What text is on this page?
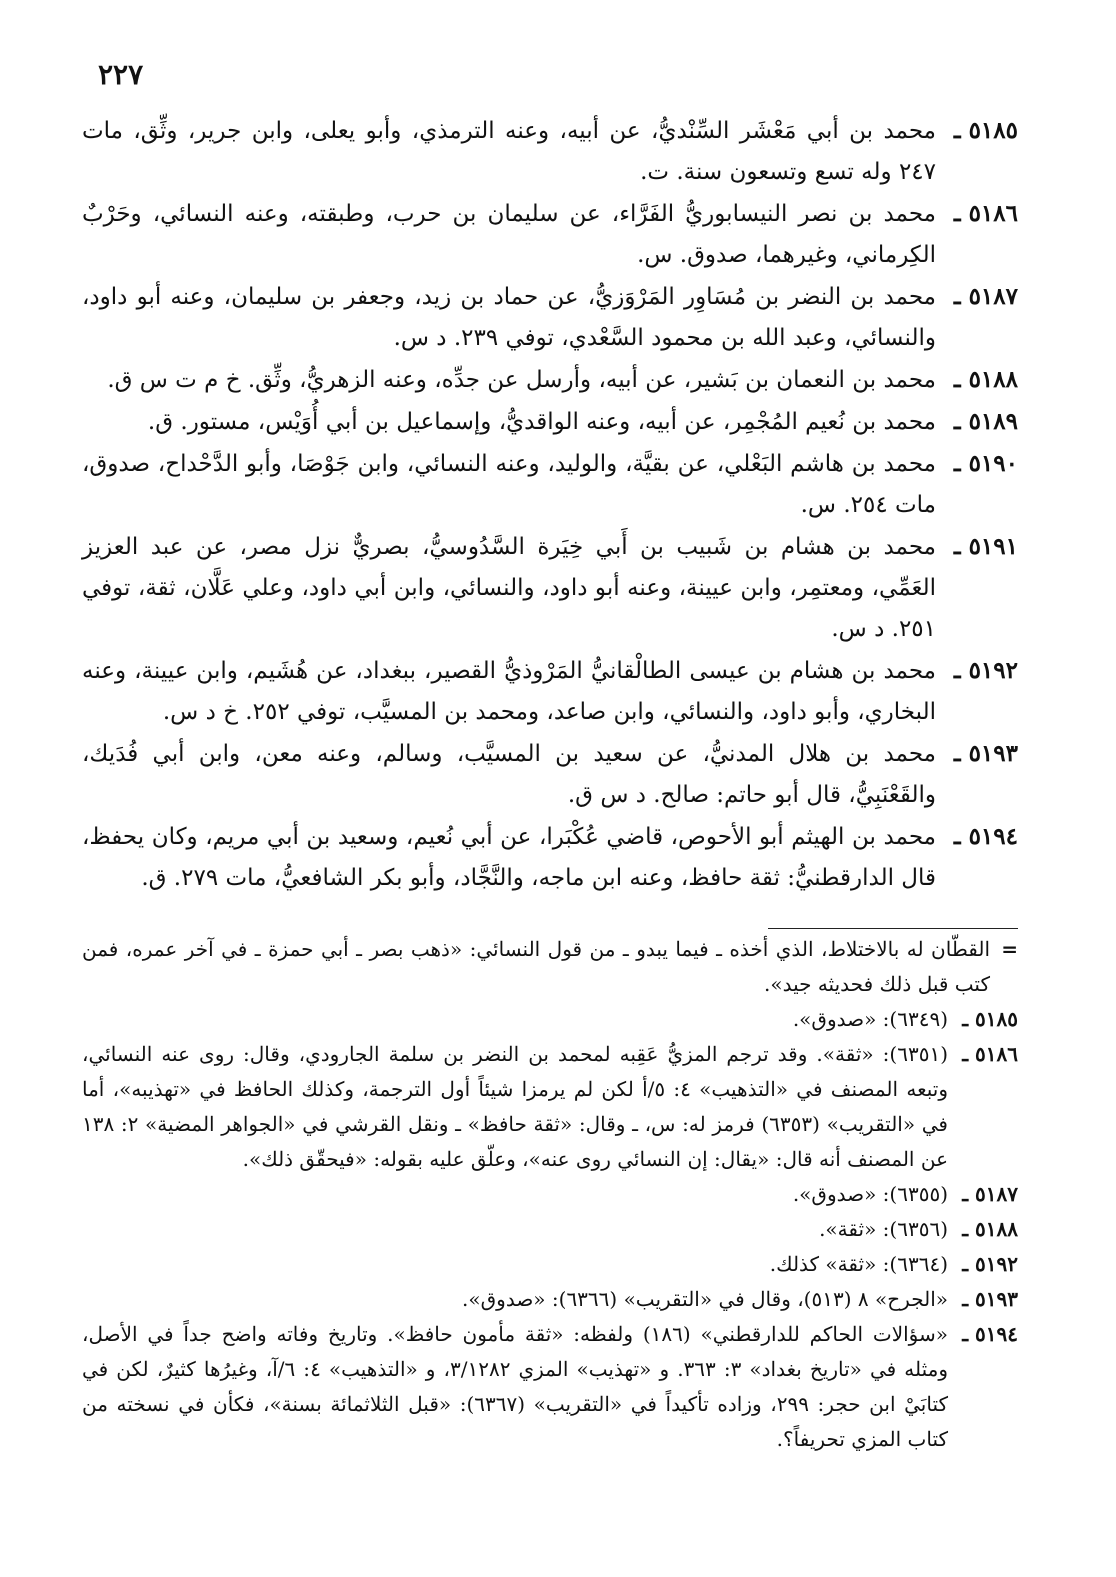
٢٢٧

٥١٨٥ ـمحمد بن أبي مَعْشَر السِّنْديُّ، عن أبيه، وعنه الترمذي، وأبو يعلى، وابن جرير، وثِّق، مات ٢٤٧ وله تسع وتسعون سنة. ت.

٥١٨٦ ـمحمد بن نصر النيسابوريُّ الفَرَّاء، عن سليمان بن حرب، وطبقته، وعنه النسائي، وحَرْبٌ الكِرماني، وغيرهما، صدوق. س.

٥١٨٧ ـمحمد بن النضر بن مُسَاوِر المَرْوَزيُّ، عن حماد بن زيد، وجعفر بن سليمان، وعنه أبو داود، والنسائي، وعبد الله بن محمود السَّعْدي، توفي ٢٣٩. د س.

٥١٨٨ ـمحمد بن النعمان بن بَشير، عن أبيه، وأرسل عن جدِّه، وعنه الزهريُّ، وثِّق. خ م ت س ق.

٥١٨٩ ـمحمد بن نُعيم المُجْمِر، عن أبيه، وعنه الواقديُّ، وإسماعيل بن أبي أُوَيْس، مستور. ق.

٥١٩٠ ـمحمد بن هاشم البَعْلي، عن بقيَّة، والوليد، وعنه النسائي، وابن جَوْصَا، وأبو الدَّحْداح، صدوق، مات ٢٥٤. س.

٥١٩١ ـمحمد بن هشام بن شَبيب بن أَبي خِيَرة السَّدُوسيُّ، بصريٌّ نزل مصر، عن عبد العزيز العَمِّي، ومعتمِر، وابن عيينة، وعنه أبو داود، والنسائي، وابن أبي داود، وعلي عَلَّان، ثقة، توفي ٢٥١. د س.

٥١٩٢ ـمحمد بن هشام بن عيسى الطالْقانيُّ المَرْوذيُّ القصير، ببغداد، عن هُشَيم، وابن عيينة، وعنه البخاري، وأبو داود، والنسائي، وابن صاعد، ومحمد بن المسيَّب، توفي ٢٥٢. خ د س.

٥١٩٣ ـمحمد بن هلال المدنيُّ، عن سعيد بن المسيَّب، وسالم، وعنه معن، وابن أبي فُدَيك، والقَعْنَبِيُّ، قال أبو حاتم: صالح. د س ق.

٥١٩٤ ـمحمد بن الهيثم أبو الأحوص، قاضي عُكْبَرا، عن أبي نُعيم، وسعيد بن أبي مريم، وكان يحفظ، قال الدارقطنيُّ: ثقة حافظ، وعنه ابن ماجه، والنَّجَّاد، وأبو بكر الشافعيُّ، مات ٢٧٩. ق.

=القطّان له بالاختلاط، الذي أخذه ـ فيما يبدو ـ من قول النسائي: «ذهب بصر ـ أبي حمزة ـ في آخر عمره، فمن كتب قبل ذلك فحديثه جيد».

٥١٨٥ ـ(٦٣٤٩): «صدوق».

٥١٨٦ ـ(٦٣٥١): «ثقة». وقد ترجم المزيُّ عَقِبه لمحمد بن النضر بن سلمة الجارودي، وقال: روى عنه النسائي، وتبعه المصنف في «التذهيب» ٤: ٥/أ لكن لم يرمزا شيئاً أول الترجمة، وكذلك الحافظ في «تهذيبه»، أما في «التقريب» (٦٣٥٣) فرمز له: س، ـ وقال: «ثقة حافظ» ـ ونقل القرشي في «الجواهر المضية» ٢: ١٣٨ عن المصنف أنه قال: «يقال: إن النسائي روى عنه»، وعلّق عليه بقوله: «فيحقّق ذلك».

٥١٨٧ ـ(٦٣٥٥): «صدوق».

٥١٨٨ ـ(٦٣٥٦): «ثقة».

٥١٩٢ ـ(٦٣٦٤): «ثقة» كذلك.

٥١٩٣ ـ«الجرح» ٨ (٥١٣)، وقال في «التقريب» (٦٣٦٦): «صدوق».

٥١٩٤ ـ«سؤالات الحاكم للدارقطني» (١٨٦) ولفظه: «ثقة مأمون حافظ». وتاريخ وفاته واضح جداً في الأصل، ومثله في «تاريخ بغداد» ٣: ٣٦٣. و «تهذيب» المزي ٣/١٢٨٢، و «التذهيب» ٤: ٦/آ، وغيرُها كثيرٌ، لكن في كتابَيْ ابن حجر: ٢٩٩، وزاده تأكيداً في «التقريب» (٦٣٦٧): «قبل الثلاثمائة بسنة»، فكأن في نسخته من كتاب المزي تحريفاً؟.
